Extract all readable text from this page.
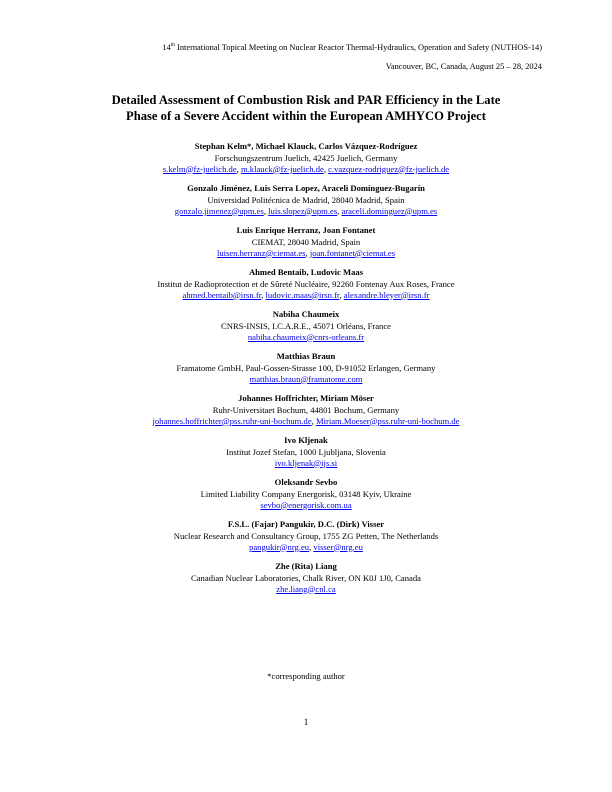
14th International Topical Meeting on Nuclear Reactor Thermal-Hydraulics, Operation and Safety (NUTHOS-14)
Vancouver, BC, Canada, August 25 – 28, 2024
Detailed Assessment of Combustion Risk and PAR Efficiency in the Late
Phase of a Severe Accident within the European AMHYCO Project
Stephan Kelm*, Michael Klauck, Carlos Vázquez-Rodríguez
Forschungszentrum Juelich, 42425 Juelich, Germany
s.kelm@fz-juelich.de, m.klauck@fz-juelich.de, c.vazquez-rodriguez@fz-juelich.de
Gonzalo Jiménez, Luis Serra Lopez, Araceli Domínguez-Bugarín
Universidad Politécnica de Madrid, 28040 Madrid, Spain
gonzalo.jimenez@upm.es, luis.slopez@upm.es, araceli.dominguez@upm.es
Luis Enrique Herranz, Joan Fontanet
CIEMAT, 28040 Madrid, Spain
luisen.herranz@ciemat.es, joan.fontanet@ciemat.es
Ahmed Bentaib, Ludovic Maas
Institut de Radioprotection et de Sûreté Nucléaire, 92260 Fontenay Aux Roses, France
ahmed.bentaib@irsn.fr, ludovic.maas@irsn.fr, alexandre.bleyer@irsn.fr
Nabiha Chaumeix
CNRS-INSIS, I.C.A.R.E., 45071 Orléans, France
nabiha.chaumeix@cnrs-orleans.fr
Matthias Braun
Framatome GmbH, Paul-Gossen-Strasse 100, D-91052 Erlangen, Germany
matthias.braun@framatome.com
Johannes Hoffrichter, Miriam Möser
Ruhr-Universitaet Bochum, 44801 Bochum, Germany
johannes.hoffrichter@pss.ruhr-uni-bochum.de, Miriam.Moeser@pss.ruhr-uni-bochum.de
Ivo Kljenak
Institut Jozef Stefan, 1000 Ljubljana, Slovenia
ivo.kljenak@ijs.si
Oleksandr Sevbo
Limited Liability Company Energorisk, 03148 Kyiv, Ukraine
sevbo@energorisk.com.ua
F.S.L. (Fajar) Pangukir, D.C. (Dirk) Visser
Nuclear Research and Consultancy Group, 1755 ZG Petten, The Netherlands
pangukir@nrg.eu, visser@nrg.eu
Zhe (Rita) Liang
Canadian Nuclear Laboratories, Chalk River, ON K0J 1J0, Canada
zhe.liang@cnl.ca
*corresponding author
1
